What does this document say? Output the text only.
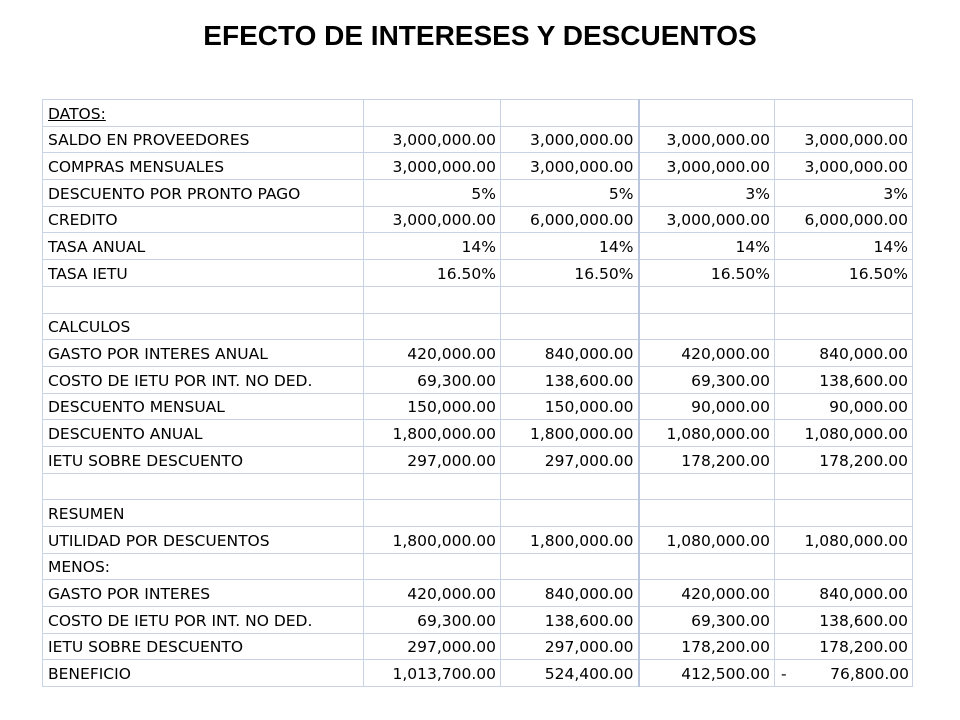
EFECTO DE INTERESES Y DESCUENTOS
DATOS:				
SALDO EN PROVEEDORES	3,000,000.00	3,000,000.00	3,000,000.00	3,000,000.00
COMPRAS MENSUALES	3,000,000.00	3,000,000.00	3,000,000.00	3,000,000.00
DESCUENTO POR PRONTO PAGO	5%	5%	3%	3%
CREDITO	3,000,000.00	6,000,000.00	3,000,000.00	6,000,000.00
TASA ANUAL	14%	14%	14%	14%
TASA IETU	16.50%	16.50%	16.50%	16.50%

CALCULOS				
GASTO POR INTERES ANUAL	420,000.00	840,000.00	420,000.00	840,000.00
COSTO DE IETU POR INT. NO DED.	69,300.00	138,600.00	69,300.00	138,600.00
DESCUENTO MENSUAL	150,000.00	150,000.00	90,000.00	90,000.00
DESCUENTO ANUAL	1,800,000.00	1,800,000.00	1,080,000.00	1,080,000.00
IETU SOBRE DESCUENTO	297,000.00	297,000.00	178,200.00	178,200.00

RESUMEN				
UTILIDAD POR DESCUENTOS	1,800,000.00	1,800,000.00	1,080,000.00	1,080,000.00
MENOS:				
GASTO POR INTERES	420,000.00	840,000.00	420,000.00	840,000.00
COSTO DE IETU POR INT. NO DED.	69,300.00	138,600.00	69,300.00	138,600.00
IETU SOBRE DESCUENTO	297,000.00	297,000.00	178,200.00	178,200.00
BENEFICIO	1,013,700.00	524,400.00	412,500.00	- 76,800.00
